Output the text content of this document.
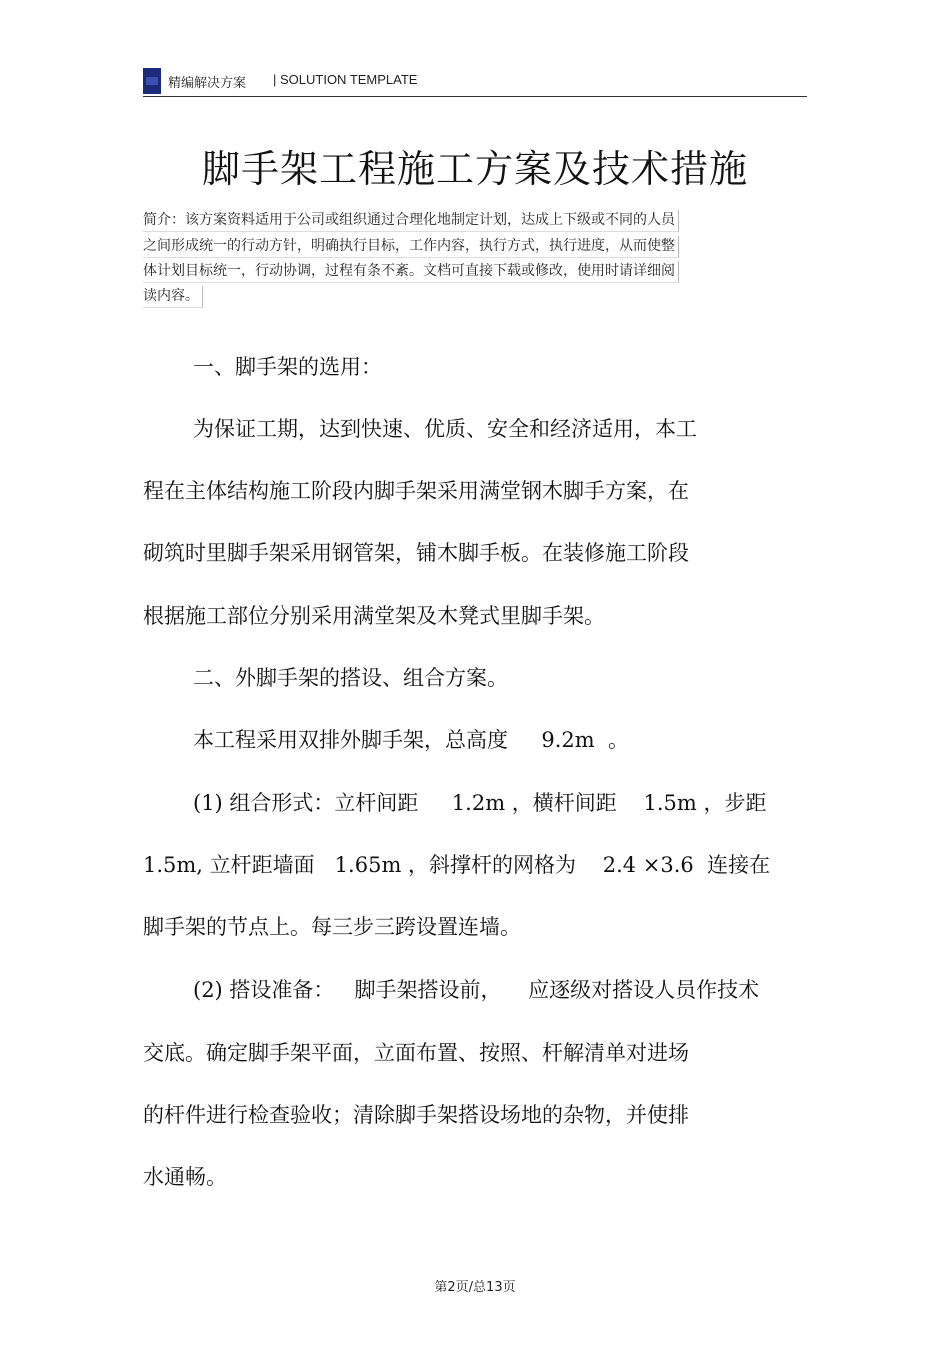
精编解决方案 | SOLUTION TEMPLATE
脚手架工程施工方案及技术措施
简介：该方案资料适用于公司或组织通过合理化地制定计划，达成上下级或不同的人员
之间形成统一的行动方针，明确执行目标，工作内容，执行方式，执行进度，从而使整
体计划目标统一，行动协调，过程有条不紊。文档可直接下载或修改，使用时请详细阅
读内容。
一、脚手架的选用：
为保证工期，达到快速、优质、安全和经济适用，本工
程在主体结构施工阶段内脚手架采用满堂钢木脚手方案，在
砌筑时里脚手架采用钢管架，铺木脚手板。在装修施工阶段
根据施工部位分别采用满堂架及木凳式里脚手架。
二、外脚手架的搭设、组合方案。
本工程采用双排外脚手架，总高度     9.2m  。
(1) 组合形式：立杆间距     1.2m ，横杆间距    1.5m ，步距
1.5m, 立杆距墙面   1.65m ，斜撑杆的网格为    2.4 ×3.6  连接在
脚手架的节点上。每三步三跨设置连墙。
(2) 搭设准备：   脚手架搭设前，    应逐级对搭设人员作技术
交底。确定脚手架平面，立面布置、按照、杆解清单对进场
的杆件进行检查验收；清除脚手架搭设场地的杂物，并使排
水通畅。
第2页/总13页
